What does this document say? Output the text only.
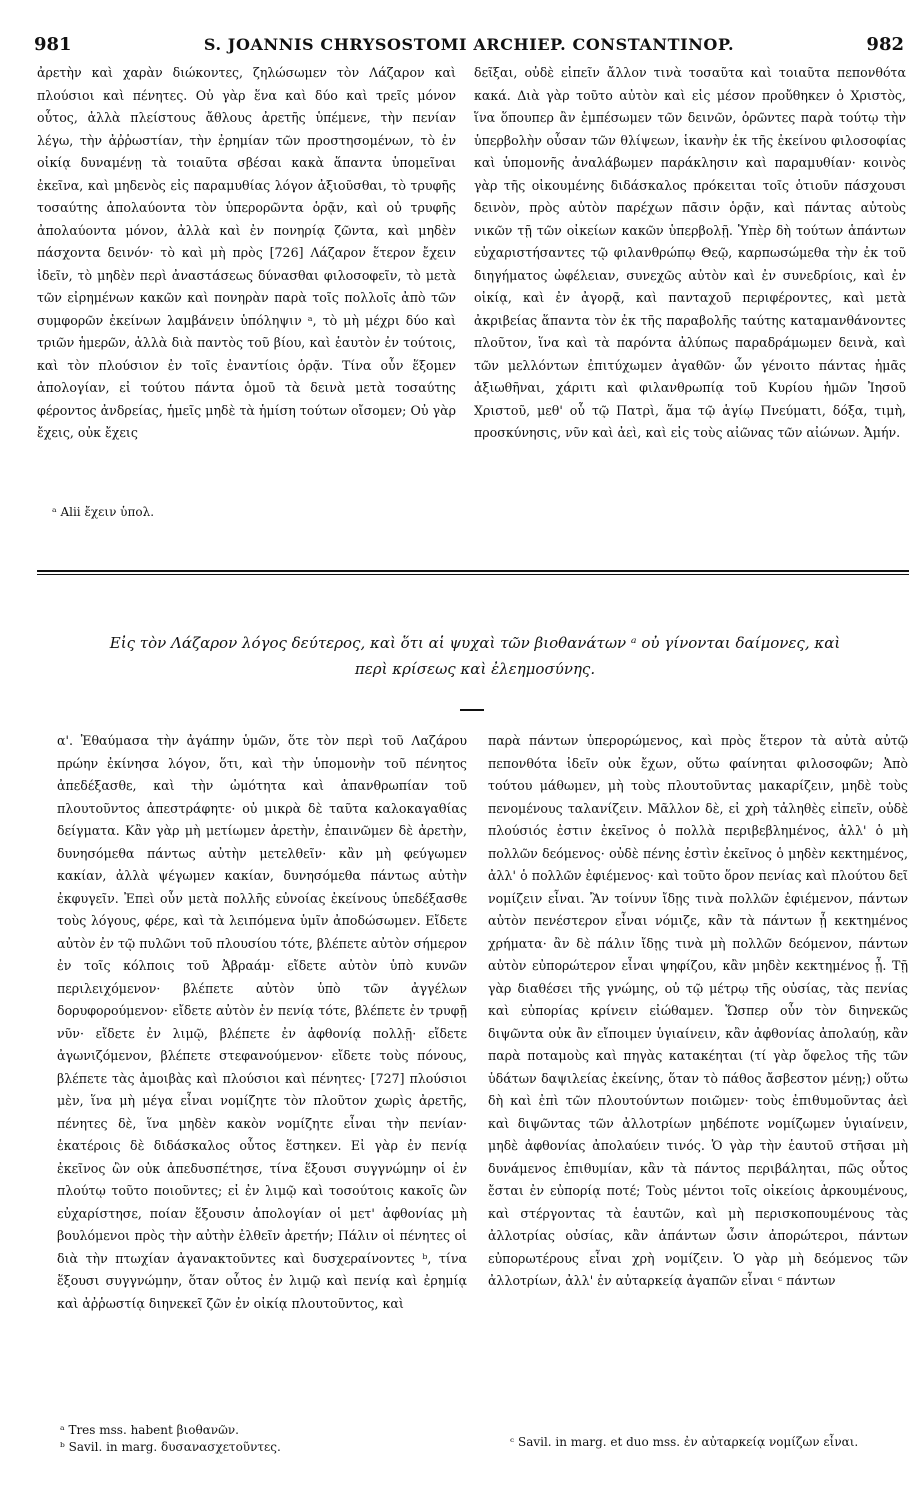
981	S. JOANNIS CHRYSOSTOMI ARCHIEP. CONSTANTINOP.	982

ἀρετὴν καὶ χαρὰν διώκοντες, ζηλώσωμεν τὸν Λάζαρον καὶ πλούσιοι καὶ πένητες. Οὐ γὰρ ἕνα καὶ δύο καὶ τρεῖς μόνον οὗτος, ἀλλὰ πλείστους ἄθλους ἀρετῆς ὑπέμενε, τὴν πενίαν λέγω, τὴν ἀῤῥωστίαν, τὴν ἐρημίαν τῶν προστησομένων, τὸ ἐν οἰκίᾳ δυναμένῃ τὰ τοιαῦτα σβέσαι κακὰ ἅπαντα ὑπομεῖναι ἐκεῖνα, καὶ μηδενὸς εἰς παραμυθίας λόγον ἀξιοῦσθαι, τὸ τρυφῆς τοσαύτης ἀπολαύοντα τὸν ὑπερορῶντα ὁρᾷν, καὶ οὐ τρυφῆς ἀπολαύοντα μόνον, ἀλλὰ καὶ ἐν πονηρίᾳ ζῶντα, καὶ μηδὲν πάσχοντα δεινόν· τὸ καὶ μὴ πρὸς [726] Λάζαρον ἕτερον ἔχειν ἰδεῖν, τὸ μηδὲν περὶ ἀναστάσεως δύνασθαι φιλοσοφεῖν, τὸ μετὰ τῶν εἰρημένων κακῶν καὶ πονηρὰν παρὰ τοῖς πολλοῖς ἀπὸ τῶν συμφορῶν ἐκείνων λαμβάνειν ὑπόληψιν ᵃ, τὸ μὴ μέχρι δύο καὶ τριῶν ἡμερῶν, ἀλλὰ διὰ παντὸς τοῦ βίου, καὶ ἑαυτὸν ἐν τούτοις, καὶ τὸν πλούσιον ἐν τοῖς ἐναντίοις ὁρᾷν. Τίνα οὖν ἕξομεν ἀπολογίαν, εἰ τούτου πάντα ὁμοῦ τὰ δεινὰ μετὰ τοσαύτης φέροντος ἀνδρείας, ἡμεῖς μηδὲ τὰ ἡμίση τούτων οἴσομεν; Οὐ γὰρ ἔχεις, οὐκ ἔχεις

ᵃ Alii ἔχειν ὑπολ.

δεῖξαι, οὐδὲ εἰπεῖν ἄλλον τινὰ τοσαῦτα καὶ τοιαῦτα πεπονθότα κακά. Διὰ γὰρ τοῦτο αὐτὸν καὶ εἰς μέσον προὔθηκεν ὁ Χριστὸς, ἵνα ὅπουπερ ἂν ἐμπέσωμεν τῶν δεινῶν, ὁρῶντες παρὰ τούτῳ τὴν ὑπερβολὴν οὖσαν τῶν θλίψεων, ἱκανὴν ἐκ τῆς ἐκείνου φιλοσοφίας καὶ ὑπομονῆς ἀναλάβωμεν παράκλησιν καὶ παραμυθίαν· κοινὸς γὰρ τῆς οἰκουμένης διδάσκαλος πρόκειται τοῖς ὁτιοῦν πάσχουσι δεινὸν, πρὸς αὐτὸν παρέχων πᾶσιν ὁρᾷν, καὶ πάντας αὐτοὺς νικῶν τῇ τῶν οἰκείων κακῶν ὑπερβολῇ. Ὑπὲρ δὴ τούτων ἁπάντων εὐχαριστήσαντες τῷ φιλανθρώπῳ Θεῷ, καρπωσώμεθα τὴν ἐκ τοῦ διηγήματος ὠφέλειαν, συνεχῶς αὐτὸν καὶ ἐν συνεδρίοις, καὶ ἐν οἰκίᾳ, καὶ ἐν ἀγορᾷ, καὶ πανταχοῦ περιφέροντες, καὶ μετὰ ἀκριβείας ἅπαντα τὸν ἐκ τῆς παραβολῆς ταύτης καταμανθάνοντες πλοῦτον, ἵνα καὶ τὰ παρόντα ἀλύπως παραδράμωμεν δεινὰ, καὶ τῶν μελλόντων ἐπιτύχωμεν ἀγαθῶν· ὧν γένοιτο πάντας ἡμᾶς ἀξιωθῆναι, χάριτι καὶ φιλανθρωπίᾳ τοῦ Κυρίου ἡμῶν Ἰησοῦ Χριστοῦ, μεθ' οὗ τῷ Πατρὶ, ἅμα τῷ ἁγίῳ Πνεύματι, δόξα, τιμὴ, προσκύνησις, νῦν καὶ ἀεὶ, καὶ εἰς τοὺς αἰῶνας τῶν αἰώνων. Ἀμήν.

Εἰς τὸν Λάζαρον λόγος δεύτερος, καὶ ὅτι αἱ ψυχαὶ τῶν βιοθανάτων ᵃ οὐ γίνονται δαίμονες, καὶ
περὶ κρίσεως καὶ ἐλεημοσύνης.

α'. Ἐθαύμασα τὴν ἀγάπην ὑμῶν, ὅτε τὸν περὶ τοῦ Λαζάρου πρώην ἐκίνησα λόγον, ὅτι, καὶ τὴν ὑπομονὴν τοῦ πένητος ἀπεδέξασθε, καὶ τὴν ὠμότητα καὶ ἀπανθρωπίαν τοῦ πλουτοῦντος ἀπεστράφητε· οὐ μικρὰ δὲ ταῦτα καλοκαγαθίας δείγματα. Κἂν γὰρ μὴ μετίωμεν ἀρετὴν, ἐπαινῶμεν δὲ ἀρετὴν, δυνησόμεθα πάντως αὐτὴν μετελθεῖν· κἂν μὴ φεύγωμεν κακίαν, ἀλλὰ ψέγωμεν κακίαν, δυνησόμεθα πάντως αὐτὴν ἐκφυγεῖν. Ἐπεὶ οὖν μετὰ πολλῆς εὐνοίας ἐκείνους ὑπεδέξασθε τοὺς λόγους, φέρε, καὶ τὰ λειπόμενα ὑμῖν ἀποδώσωμεν. Εἴδετε αὐτὸν ἐν τῷ πυλῶνι τοῦ πλουσίου τότε, βλέπετε αὐτὸν σήμερον ἐν τοῖς κόλποις τοῦ Ἀβραάμ· εἴδετε αὐτὸν ὑπὸ κυνῶν περιλειχόμενον· βλέπετε αὐτὸν ὑπὸ τῶν ἀγγέλων δορυφορούμενον· εἴδετε αὐτὸν ἐν πενίᾳ τότε, βλέπετε ἐν τρυφῇ νῦν· εἴδετε ἐν λιμῷ, βλέπετε ἐν ἀφθονίᾳ πολλῇ· εἴδετε ἀγωνιζόμενον, βλέπετε στεφανούμενον· εἴδετε τοὺς πόνους, βλέπετε τὰς ἀμοιβὰς καὶ πλούσιοι καὶ πένητες· [727] πλούσιοι μὲν, ἵνα μὴ μέγα εἶναι νομίζητε τὸν πλοῦτον χωρὶς ἀρετῆς, πένητες δὲ, ἵνα μηδὲν κακὸν νομίζητε εἶναι τὴν πενίαν· ἑκατέροις δὲ διδάσκαλος οὗτος ἕστηκεν. Εἰ γὰρ ἐν πενίᾳ ἐκεῖνος ὢν οὐκ ἀπεδυσπέτησε, τίνα ἕξουσι συγγνώμην οἱ ἐν πλούτῳ τοῦτο ποιοῦντες; εἰ ἐν λιμῷ καὶ τοσούτοις κακοῖς ὢν εὐχαρίστησε, ποίαν ἕξουσιν ἀπολογίαν οἱ μετ' ἀφθονίας μὴ βουλόμενοι πρὸς τὴν αὐτὴν ἐλθεῖν ἀρετήν; Πάλιν οἱ πένητες οἱ διὰ τὴν πτωχίαν ἀγανακτοῦντες καὶ δυσχεραίνοντες ᵇ, τίνα ἕξουσι συγγνώμην, ὅταν οὗτος ἐν λιμῷ καὶ πενίᾳ καὶ ἐρημίᾳ καὶ ἀῤῥωστίᾳ διηνεκεῖ ζῶν ἐν οἰκίᾳ πλουτοῦντος, καὶ

ᵃ Tres mss. habent βιοθανῶν.
ᵇ Savil. in marg. δυσανασχετοῦντες.

παρὰ πάντων ὑπερορώμενος, καὶ πρὸς ἕτερον τὰ αὐτὰ αὐτῷ πεπονθότα ἰδεῖν οὐκ ἔχων, οὕτω φαίνηται φιλοσοφῶν; Ἀπὸ τούτου μάθωμεν, μὴ τοὺς πλουτοῦντας μακαρίζειν, μηδὲ τοὺς πενομένους ταλανίζειν. Μᾶλλον δὲ, εἰ χρὴ τἀληθὲς εἰπεῖν, οὐδὲ πλούσιός ἐστιν ἐκεῖνος ὁ πολλὰ περιβεβλημένος, ἀλλ' ὁ μὴ πολλῶν δεόμενος· οὐδὲ πένης ἐστὶν ἐκεῖνος ὁ μηδὲν κεκτημένος, ἀλλ' ὁ πολλῶν ἐφιέμενος· καὶ τοῦτο ὅρον πενίας καὶ πλούτου δεῖ νομίζειν εἶναι. Ἂν τοίνυν ἴδῃς τινὰ πολλῶν ἐφιέμενον, πάντων αὐτὸν πενέστερον εἶναι νόμιζε, κἂν τὰ πάντων ᾖ κεκτημένος χρήματα· ἂν δὲ πάλιν ἴδῃς τινὰ μὴ πολλῶν δεόμενον, πάντων αὐτὸν εὐπορώτερον εἶναι ψηφίζου, κἂν μηδὲν κεκτημένος ᾖ. Τῇ γὰρ διαθέσει τῆς γνώμης, οὐ τῷ μέτρῳ τῆς οὐσίας, τὰς πενίας καὶ εὐπορίας κρίνειν εἰώθαμεν. Ὥσπερ οὖν τὸν διηνεκῶς διψῶντα οὐκ ἂν εἴποιμεν ὑγιαίνειν, κἂν ἀφθονίας ἀπολαύῃ, κἂν παρὰ ποταμοὺς καὶ πηγὰς κατακέηται (τί γὰρ ὄφελος τῆς τῶν ὑδάτων δαψιλείας ἐκείνης, ὅταν τὸ πάθος ἄσβεστον μένῃ;) οὕτω δὴ καὶ ἐπὶ τῶν πλουτούντων ποιῶμεν· τοὺς ἐπιθυμοῦντας ἀεὶ καὶ διψῶντας τῶν ἀλλοτρίων μηδέποτε νομίζωμεν ὑγιαίνειν, μηδὲ ἀφθονίας ἀπολαύειν τινός. Ὁ γὰρ τὴν ἑαυτοῦ στῆσαι μὴ δυνάμενος ἐπιθυμίαν, κἂν τὰ πάντος περιβάληται, πῶς οὗτος ἔσται ἐν εὐπορίᾳ ποτέ; Τοὺς μέντοι τοῖς οἰκείοις ἀρκουμένους, καὶ στέργοντας τὰ ἑαυτῶν, καὶ μὴ περισκοπουμένους τὰς ἀλλοτρίας οὐσίας, κἂν ἁπάντων ὦσιν ἀπορώτεροι, πάντων εὐπορωτέρους εἶναι χρὴ νομίζειν. Ὁ γὰρ μὴ δεόμενος τῶν ἀλλοτρίων, ἀλλ' ἐν αὐταρκείᾳ ἀγαπῶν εἶναι ᶜ πάντων

ᶜ Savil. in marg. et duo mss. ἐν αὐταρκείᾳ νομίζων εἶναι.
